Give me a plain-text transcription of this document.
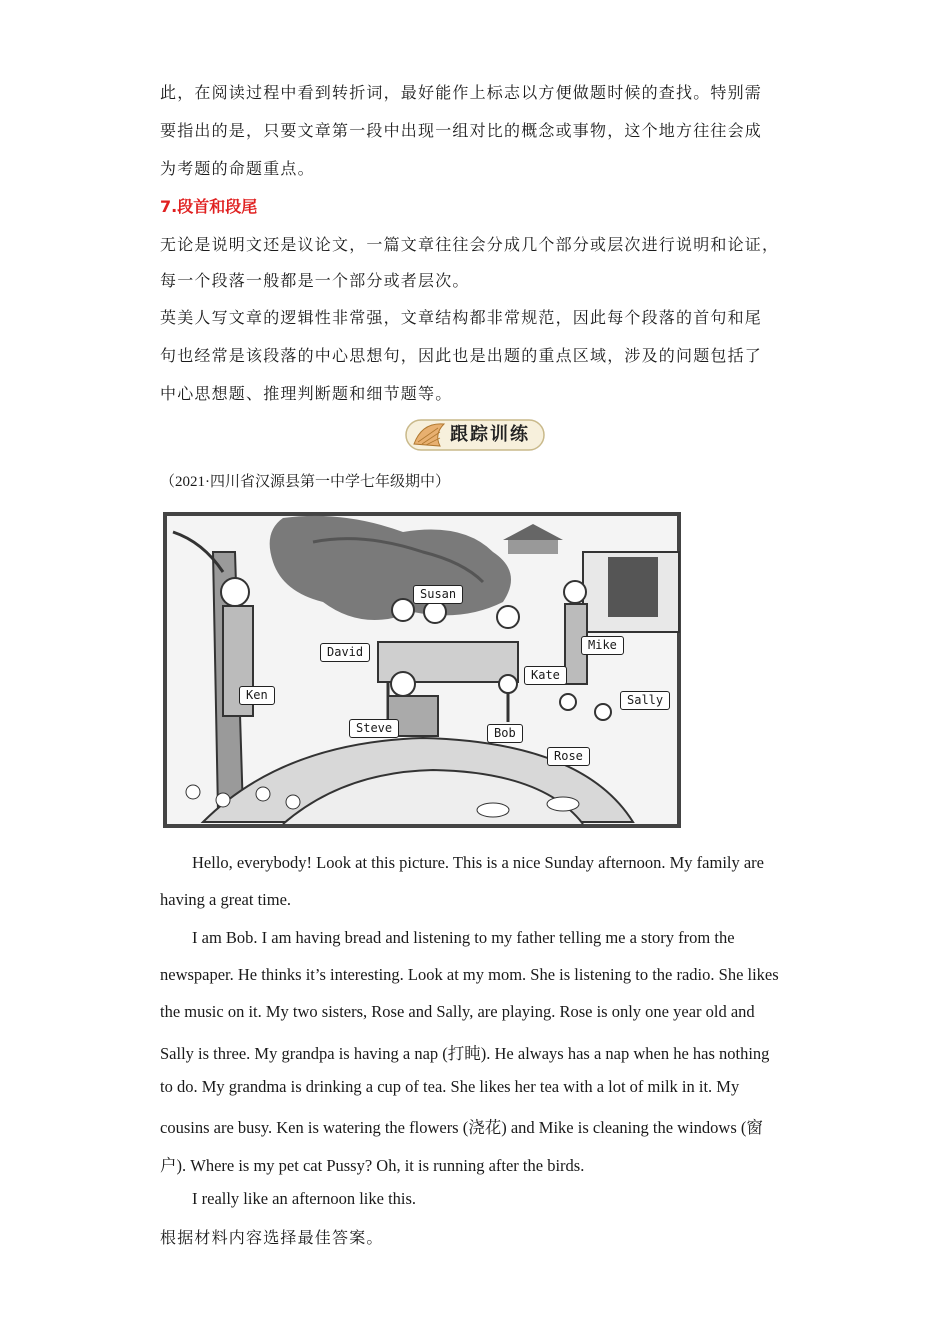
此，在阅读过程中看到转折词，最好能作上标志以方便做题时候的查找。特别需
要指出的是，只要文章第一段中出现一组对比的概念或事物，这个地方往往会成
为考题的命题重点。
7.段首和段尾
无论是说明文还是议论文，一篇文章往往会分成几个部分或层次进行说明和论证，
每一个段落一般都是一个部分或者层次。
英美人写文章的逻辑性非常强，文章结构都非常规范，因此每个段落的首句和尾
句也经常是该段落的中心思想句，因此也是出题的重点区域，涉及的问题包括了
中心思想题、推理判断题和细节题等。
跟踪训练
（2021·四川省汉源县第一中学七年级期中）
Susan
David	Mike
Kate
Ken	Sally
Steve	Bob
Rose
Hello, everybody! Look at this picture. This is a nice Sunday afternoon. My family are
having a great time.
I am Bob. I am having bread and listening to my father telling me a story from the
newspaper. He thinks it’s interesting. Look at my mom. She is listening to the radio. She likes
the music on it. My two sisters, Rose and Sally, are playing. Rose is only one year old and
Sally is three. My grandpa is having a nap (打盹). He always has a nap when he has nothing
to do. My grandma is drinking a cup of tea. She likes her tea with a lot of milk in it. My
cousins are busy. Ken is watering the flowers (浇花) and Mike is cleaning the windows (窗
户). Where is my pet cat Pussy? Oh, it is running after the birds.
I really like an afternoon like this.
根据材料内容选择最佳答案。
